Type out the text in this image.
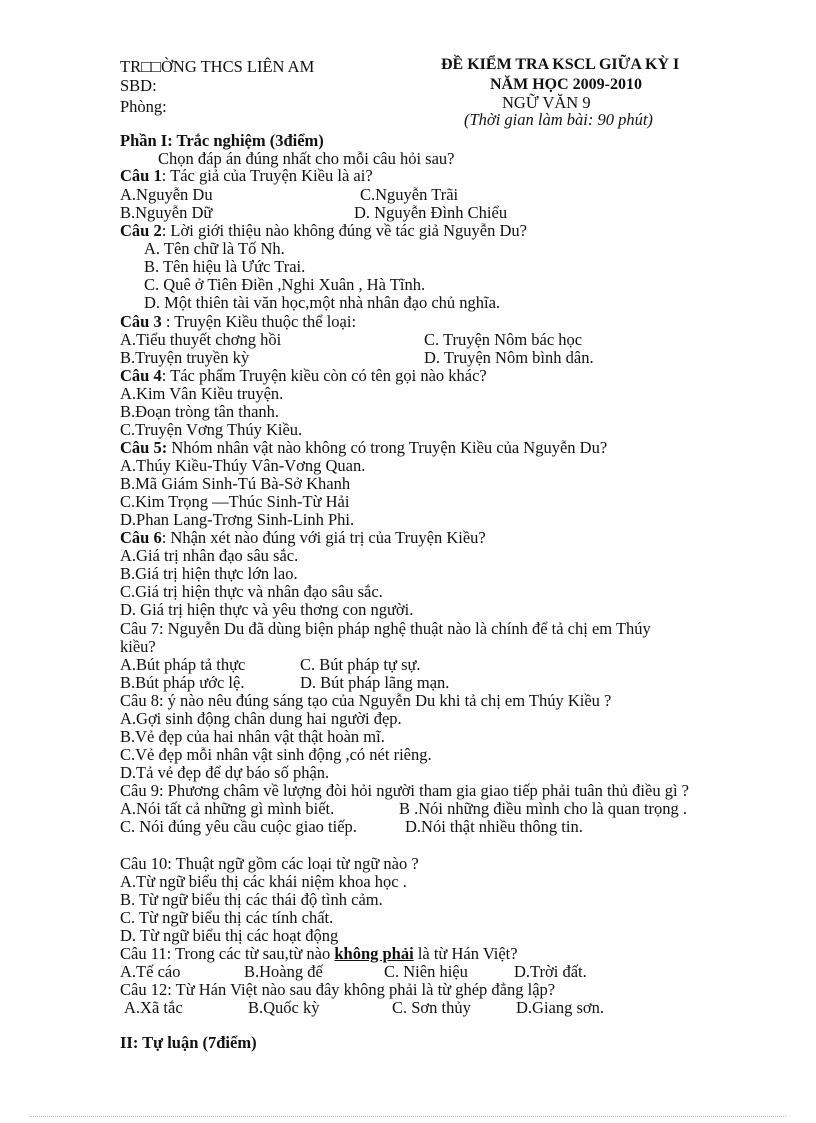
TR□□ỜNG THCS LIÊN AM
SBD:
Phòng:
ĐỀ KIỂM TRA KSCL GIỮA KỲ I
NĂM HỌC 2009-2010
NGỮ VĂN 9
(Thời gian làm bài: 90 phút)
Phần I: Trắc nghiệm (3điểm)
Chọn đáp án đúng nhất cho mỗi câu hỏi sau?
Câu 1: Tác giả của Truyện Kiều là ai?
A.Nguyễn Du	C.Nguyễn Trãi
B.Nguyễn Dữ	D. Nguyễn Đình Chiểu
Câu 2: Lời giới thiệu nào không đúng về tác giả Nguyễn Du?
A. Tên chữ là Tố Nh.
B. Tên hiệu là Ưức Trai.
C. Quê ở Tiên Điền ,Nghi Xuân , Hà Tĩnh.
D. Một thiên tài văn học,một nhà nhân đạo chủ nghĩa.
Câu 3 : Truyện Kiều thuộc thể loại:
A.Tiểu thuyết chơng hồi	C. Truyện Nôm bác học
B.Truyện truyền kỳ	D. Truyện Nôm bình dân.
Câu 4: Tác phẩm Truyện kiều còn có tên gọi nào khác?
A.Kim Vân Kiều truyện.
B.Đoạn tròng tân thanh.
C.Truyện Vơng Thúy Kiều.
Câu 5: Nhóm nhân vật nào không có trong Truyện Kiều của Nguyễn Du?
A.Thúy Kiều-Thúy Vân-Vơng Quan.
B.Mã Giám Sinh-Tú Bà-Sở Khanh
C.Kim Trọng —Thúc Sinh-Từ Hải
D.Phan Lang-Trơng Sinh-Linh Phi.
Câu 6: Nhận xét nào đúng với giá trị của Truyện Kiều?
A.Giá trị nhân đạo sâu sắc.
B.Giá trị hiện thực lớn lao.
C.Giá trị hiện thực và nhân đạo sâu sắc.
D. Giá trị hiện thực và yêu thơng con người.
Câu 7: Nguyễn Du đã dùng biện pháp nghệ thuật nào là chính để tả chị em Thúy
kiều?
A.Bút pháp tả thực	C. Bút pháp tự sự.
B.Bút pháp ước lệ.	D. Bút pháp lãng mạn.
Câu 8: ý nào nêu đúng sáng tạo của Nguyễn Du khi tả chị em Thúy Kiều ?
A.Gợi sinh động chân dung hai người đẹp.
B.Vẻ đẹp của hai nhân vật thật hoàn mĩ.
C.Vẻ đẹp mỗi nhân vật sinh động ,có nét riêng.
D.Tả vẻ đẹp để dự báo số phận.
Câu 9: Phương châm về lượng đòi hỏi người tham gia giao tiếp phải tuân thủ điều gì ?
A.Nói tất cả những gì mình biết.	B .Nói những điều mình cho là quan trọng .
C. Nói đúng yêu cầu cuộc giao tiếp.	D.Nói thật nhiều thông tin.
Câu 10: Thuật ngữ gồm các loại từ ngữ nào ?
A.Từ ngữ biểu thị các khái niệm khoa học .
B. Từ ngữ biểu thị các thái độ tình cảm.
C. Từ ngữ biểu thị các tính chất.
D. Từ ngữ biểu thị các hoạt động
Câu 11: Trong các từ sau,từ nào không phải là từ Hán Việt?
A.Tế cáo	B.Hoàng đế	C. Niên hiệu	D.Trời đất.
Câu 12: Từ Hán Việt nào sau đây không phải là từ ghép đẳng lập?
A.Xã tắc	B.Quốc kỳ	C. Sơn thủy	D.Giang sơn.
II: Tự luận (7điểm)
